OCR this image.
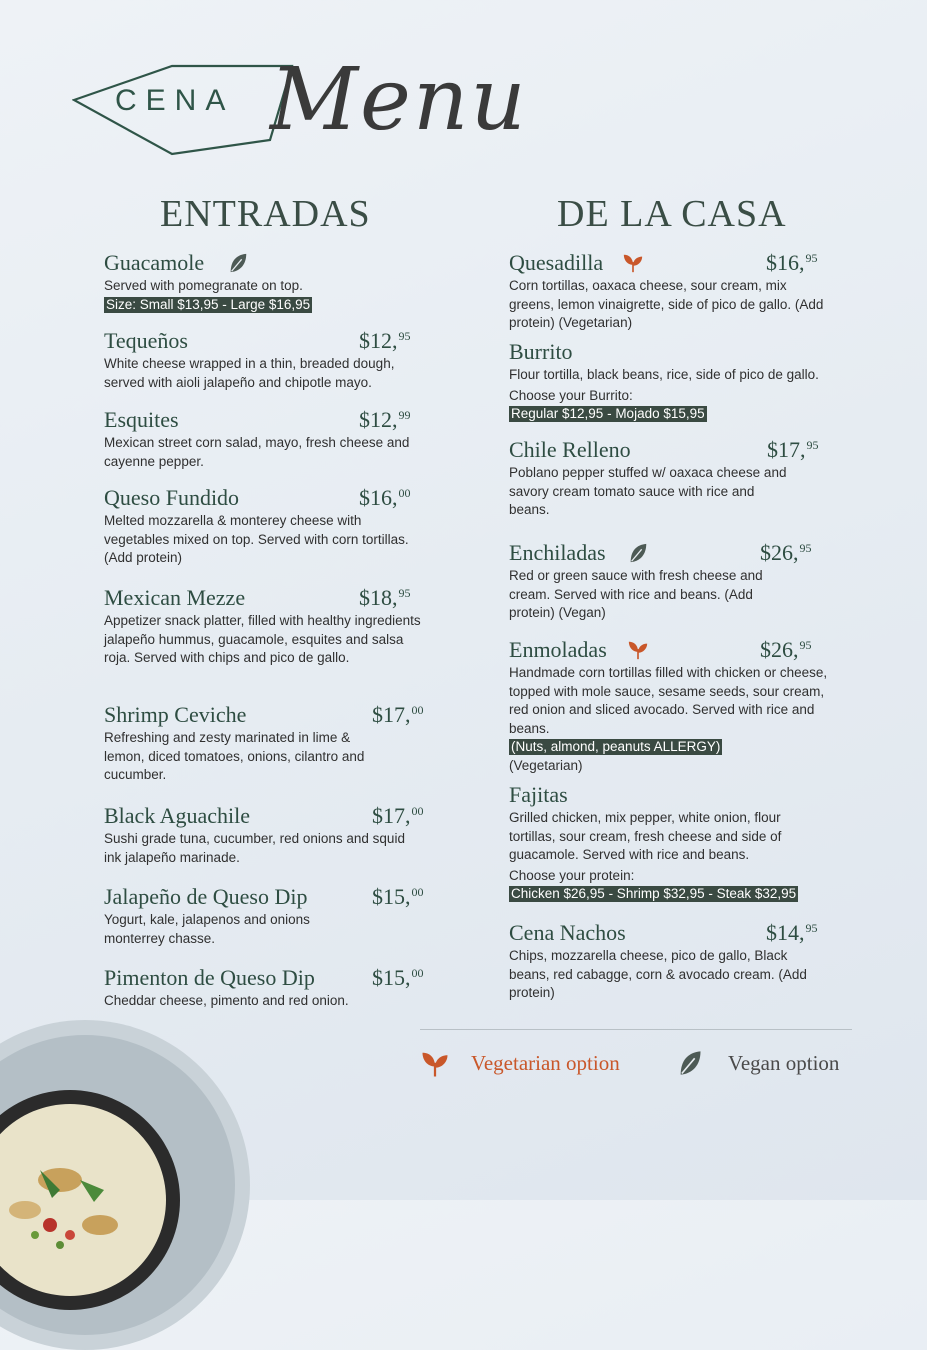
CENA Menu
ENTRADAS	DE LA CASA
Guacamole
Served with pomegranate on top.
Size: Small $13,95 - Large $16,95
Tequeños	$12,95
White cheese wrapped in a thin, breaded dough, served with aioli jalapeño and chipotle mayo.
Esquites	$12,99
Mexican street corn salad, mayo, fresh cheese and cayenne pepper.
Queso Fundido	$16,00
Melted mozzarella & monterey cheese with vegetables mixed on top. Served with corn tortillas. (Add protein)
Mexican Mezze	$18,95
Appetizer snack platter, filled with healthy ingredients jalapeño hummus, guacamole, esquites and salsa roja. Served with chips and pico de gallo.
Shrimp Ceviche	$17,00
Refreshing and zesty marinated in lime & lemon, diced tomatoes, onions, cilantro and cucumber.
Black Aguachile	$17,00
Sushi grade tuna, cucumber, red onions and squid ink jalapeño marinade.
Jalapeño de Queso Dip	$15,00
Yogurt, kale, jalapenos and onions monterrey chasse.
Pimenton de Queso Dip	$15,00
Cheddar cheese, pimento and red onion.
Quesadilla	$16,95
Corn tortillas, oaxaca cheese, sour cream, mix greens, lemon vinaigrette, side of pico de gallo. (Add protein) (Vegetarian)
Burrito
Flour tortilla, black beans, rice, side of pico de gallo.
Choose your Burrito:
Regular $12,95 - Mojado $15,95
Chile Relleno	$17,95
Poblano pepper stuffed w/ oaxaca cheese and savory cream tomato sauce with rice and beans.
Enchiladas	$26,95
Red or green sauce with fresh cheese and cream. Served with rice and beans. (Add protein) (Vegan)
Enmoladas	$26,95
Handmade corn tortillas filled with chicken or cheese, topped with mole sauce, sesame seeds, sour cream, red onion and sliced avocado. Served with rice and beans.
(Nuts, almond, peanuts ALLERGY)
(Vegetarian)
Fajitas
Grilled chicken, mix pepper, white onion, flour tortillas, sour cream, fresh cheese and side of guacamole. Served with rice and beans.
Choose your protein:
Chicken $26,95 - Shrimp $32,95 - Steak $32,95
Cena Nachos	$14,95
Chips, mozzarella cheese, pico de gallo, Black beans, red cabagge, corn & avocado cream. (Add protein)
Vegetarian option	Vegan option
